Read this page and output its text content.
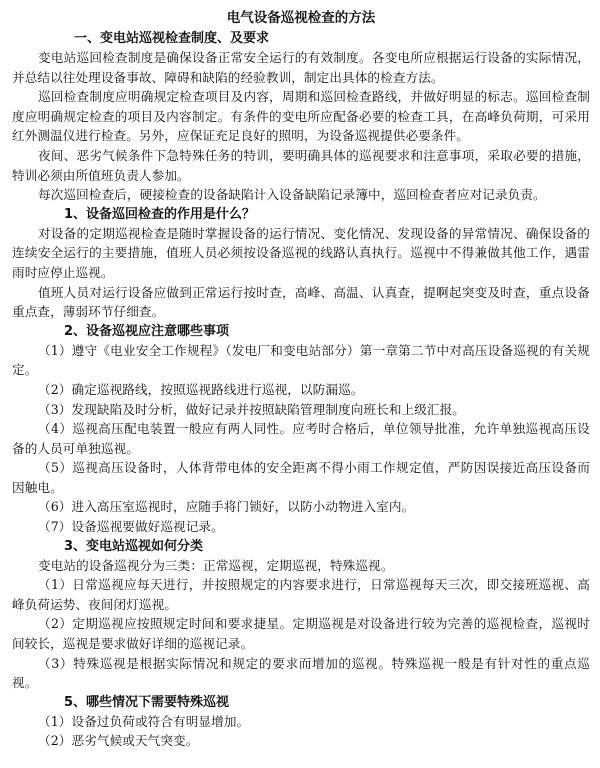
电气设备巡视检查的方法
一、变电站巡视检查制度、及要求

变电站巡回检查制度是确保设备正常安全运行的有效制度。各变电所应根据运行设备的实际情况，并总结以往处理设备事故、障碍和缺陷的经验教训，制定出具体的检查方法。

巡回检查制度应明确规定检查项目及内容，周期和巡回检查路线，并做好明显的标志。巡回检查制度应明确规定检查的项目及内容制定。有条件的变电所应配备必要的检查工具，在高峰负荷期，可采用红外测温仪进行检查。另外，应保证充足良好的照明，为设备巡视提供必要条件。

夜间、恶劣气候条件下急特殊任务的特训，要明确具体的巡视要求和注意事项，采取必要的措施，特训必须由所值班负责人参加。

每次巡回检查后，硬接检查的设备缺陷计入设备缺陷记录簿中，巡回检查者应对记录负责。

1、设备巡回检查的作用是什么？

对设备的定期巡视检查是随时掌握设备的运行情况、变化情况、发现设备的异常情况、确保设备的连续安全运行的主要措施，值班人员必须按设备巡视的线路认真执行。巡视中不得兼做其他工作，遇雷雨时应停止巡视。

值班人员对运行设备应做到正常运行按时查，高峰、高温、认真查，提啊起突变及时查，重点设备重点查，薄弱环节仔细查。

2、设备巡视应注意哪些事项

（1）遵守《电业安全工作规程》（发电厂和变电站部分）第一章第二节中对高压设备巡视的有关规定。

（2）确定巡视路线，按照巡视路线进行巡视，以防漏巡。

（3）发现缺陷及时分析，做好记录并按照缺陷管理制度向班长和上级汇报。

（4）巡视高压配电装置一般应有两人同性。应考时合格后，单位领导批准，允许单独巡视高压设备的人员可单独巡视。

（5）巡视高压设备时，人体背带电体的安全距离不得小雨工作规定值，严防因误接近高压设备而因触电。

（6）进入高压室巡视时，应随手将门锁好，以防小动物进入室内。

（7）设备巡视要做好巡视记录。

3、变电站巡视如何分类

变电站的设备巡视分为三类：正常巡视，定期巡视，特殊巡视。

（1）日常巡视应每天进行，并按照规定的内容要求进行，日常巡视每天三次，即交接班巡视、高峰负荷运势、夜间闭灯巡视。

（2）定期巡视应按照规定时间和要求捷星。定期巡视是对设备进行较为完善的巡视检查，巡视时间较长，巡视是要求做好详细的巡视记录。

（3）特殊巡视是根据实际情况和规定的要求而增加的巡视。特殊巡视一般是有针对性的重点巡视。

5、哪些情况下需要特殊巡视

（1）设备过负荷或符合有明显增加。

（2）恶劣气候或天气突变。
